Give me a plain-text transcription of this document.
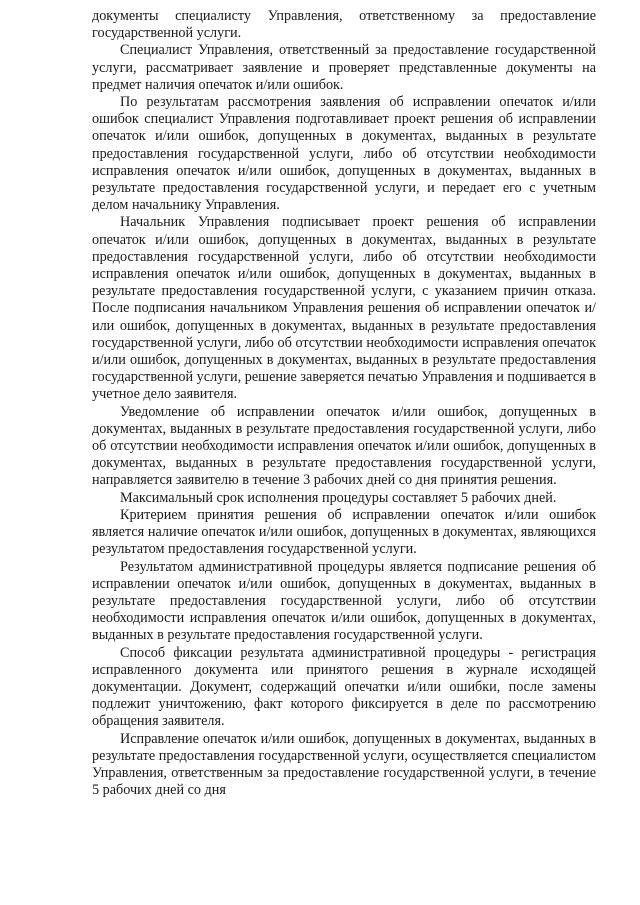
документы специалисту Управления, ответственному за предоставление государственной услуги.

Специалист Управления, ответственный за предоставление государственной услуги, рассматривает заявление и проверяет представленные документы на предмет наличия опечаток и/или ошибок.

По результатам рассмотрения заявления об исправлении опечаток и/или ошибок специалист Управления подготавливает проект решения об исправлении опечаток и/или ошибок, допущенных в документах, выданных в результате предоставления государственной услуги, либо об отсутствии необходимости исправления опечаток и/или ошибок, допущенных в документах, выданных в результате предоставления государственной услуги, и передает его с учетным делом начальнику Управления.

Начальник Управления подписывает проект решения об исправлении опечаток и/или ошибок, допущенных в документах, выданных в результате предоставления государственной услуги, либо об отсутствии необходимости исправления опечаток и/или ошибок, допущенных в документах, выданных в результате предоставления государственной услуги, с указанием причин отказа. После подписания начальником Управления решения об исправлении опечаток и/или ошибок, допущенных в документах, выданных в результате предоставления государственной услуги, либо об отсутствии необходимости исправления опечаток и/или ошибок, допущенных в документах, выданных в результате предоставления государственной услуги, решение заверяется печатью Управления и подшивается в учетное дело заявителя.

Уведомление об исправлении опечаток и/или ошибок, допущенных в документах, выданных в результате предоставления государственной услуги, либо об отсутствии необходимости исправления опечаток и/или ошибок, допущенных в документах, выданных в результате предоставления государственной услуги, направляется заявителю в течение 3 рабочих дней со дня принятия решения.

Максимальный срок исполнения процедуры составляет 5 рабочих дней.

Критерием принятия решения об исправлении опечаток и/или ошибок является наличие опечаток и/или ошибок, допущенных в документах, являющихся результатом предоставления государственной услуги.

Результатом административной процедуры является подписание решения об исправлении опечаток и/или ошибок, допущенных в документах, выданных в результате предоставления государственной услуги, либо об отсутствии необходимости исправления опечаток и/или ошибок, допущенных в документах, выданных в результате предоставления государственной услуги.

Способ фиксации результата административной процедуры - регистрация исправленного документа или принятого решения в журнале исходящей документации. Документ, содержащий опечатки и/или ошибки, после замены подлежит уничтожению, факт которого фиксируется в деле по рассмотрению обращения заявителя.

Исправление опечаток и/или ошибок, допущенных в документах, выданных в результате предоставления государственной услуги, осуществляется специалистом Управления, ответственным за предоставление государственной услуги, в течение 5 рабочих дней со дня
